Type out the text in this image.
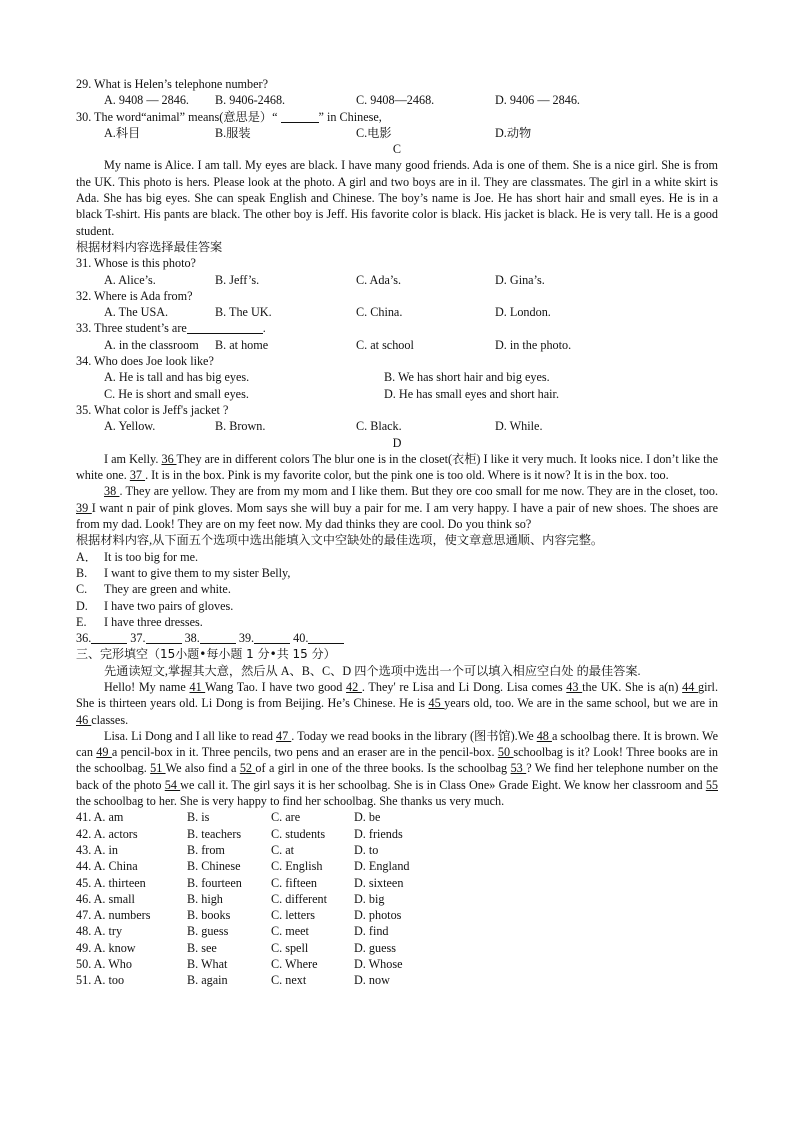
29. What is Helen’s telephone number?
A. 9408 — 2846.	B. 9406-2468.	C. 9408—2468.	D. 9406 — 2846.
30. The word“animal” means(意思是）“	” in Chinese,
A.科目	B.服装	C.电影	D.动物
C
My name is Alice. I am tall. My eyes are black. I have many good friends. Ada is one of them. She is a nice girl. She is from the UK. This photo is hers. Please look at the photo. A girl and two boys are in il. They are classmates. The girl in a white skirt is Ada. She has big eyes. She can speak English and Chinese. The boy’s name is Joe. He has short hair and small eyes. He is in a black T-shirt. His pants are black. The other boy is Jeff. His favorite color is black. His jacket is black. He is very tall. He is a good student.
根据材料内容选择最佳答案
31. Whose is this photo?
A. Alice’s.	B. Jeff’s.	C. Ada’s.	D. Gina’s.
32. Where is Ada from?
A. The USA.	B. The UK.	C. China.	D. London.
33. Three student’s are	.
A. in the classroom	B. at home	C. at school	D. in the photo.
34. Who does Joe look like?
A. He is tall and has big eyes.	B. We has short hair and big eyes.
C. He is short and small eyes.	D. He has small eyes and short hair.
35. What color is Jeff's jacket ?
A. Yellow.	B. Brown.	C. Black.	D. While.
D
I am Kelly. 36 They are in different colors The blur one is in the closet(衣柜) I like it very much. It looks nice. I don’t like the white one. 37 . It is in the box. Pink is my favorite color, but the pink one is too old. Where is it now? It is in the box. too.
38 . They are yellow. They are from my mom and I like them. But they ore coo small for me now. They are in the closet, too. 39 I want n pair of pink gloves. Mom says she will buy a pair for me. I am very happy. I have a pair of new shoes. The shoes are from my dad. Look! They are on my feet now. My dad thinks they are cool. Do you think so?
根据材料内容,从下面五个选项中选出能填入文中空缺处的最佳选项，使文章意思通顺、内容完整。
A． It is too big for me.
B.	I want to give them to my sister Belly,
C.	They are green and white.
D.	I have two pairs of gloves.
E.	I have three dresses.
36.	37.	38.	39.	40.
三、完形填空（15小题•每小题 1 分•共 15 分）
先通读短文,掌握其大意，然后从 A、B、C、D 四个选项中选出一个可以填入相应空白处 的最佳答案.
Hello! My name 41 Wang Tao. I have two good 42 . They' re Lisa and Li Dong. Lisa comes 43 the UK. She is a(n) 44 girl. She is thirteen years old. Li Dong is from Beijing. He’s Chinese. He is 45 years old, too. We are in the same school, but we are in 46 classes.
Lisa. Li Dong and I all like to read 47 . Today we read books in the library (图书馆).We 48 a schoolbag there. It is brown. We can 49 a pencil-box in it. Three pencils, two pens and an eraser are in the pencil-box. 50 schoolbag is it? Look! Three books are in the schoolbag. 51 We also find a 52 of a girl in one of the three books. Is the schoolbag 53 ? We find her telephone number on the back of the photo 54 we call it. The girl says it is her schoolbag. She is in Class One» Grade Eight. We know her classroom and 55 the schoolbag to her. She is very happy to find her schoolbag. She thanks us very much.
41. A. am	B. is	C. are	D. be
42. A. actors	B. teachers	C. students	D. friends
43. A. in	B. from	C. at	D. to
44. A. China	B. Chinese	C. English	D. England
45. A. thirteen	B. fourteen	C. fifteen	D. sixteen
46. A. small	B. high	C. different	D. big
47. A. numbers	B. books	C. letters	D. photos
48. A. try	B. guess	C. meet	D. find
49. A. know	B. see	C. spell	D. guess
50. A. Who	B. What	C. Where	D. Whose
51. A. too	B. again	C. next	D. now
